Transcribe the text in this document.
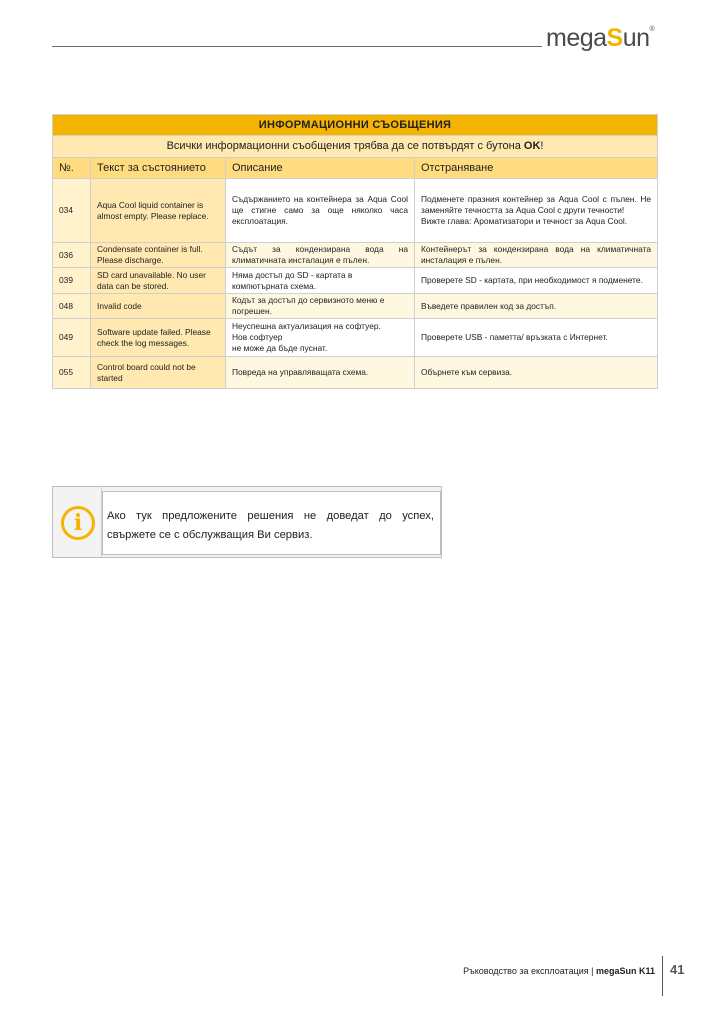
megaSun®
ИНФОРМАЦИОННИ СЪОБЩЕНИЯ			
Всички информационни съобщения трябва да се потвърдят с бутона OK!			
№.	Текст за състоянието	Описание	Отстраняване
034	Aqua Cool liquid container is almost empty. Please replace.	Съдържанието на контейнера за Aqua Cool ще стигне само за още няколко часа експлоатация.	Подменете празния контейнер за Aqua Cool с пълен. Не заменяйте течността за Aqua Cool с други течности!
Вижте глава: Ароматизатори и течност за Aqua Cool.
036	Condensate container is full. Please discharge.	Съдът за кондензирана вода на климатичната инсталация е пълен.	Контейнерът за кондензирана вода на климатичната инсталация е пълен.
039	SD card unavailable. No user data can be stored.	Няма достъп до SD - картата в компютърната схема.	Проверете SD - картата, при необходимост я подменете.
048	Invalid code	Кодът за достъп до сервизното меню е погрешен.	Въведете правилен код за достъп.
049	Software update failed. Please check the log messages.	Неуспешна актуализация на софтуер.
Нов софтуер
не може да бъде пуснат.	Проверете USB - паметта/ връзката с Интернет.
055	Control board could not be started	Повреда на управляващата схема.	Обърнете към сервиза.
i	Ако тук предложените решения не доведат до успех, свържете се с обслужващия Ви сервиз.
Ръководство за експлоатация | megaSun K11 41
